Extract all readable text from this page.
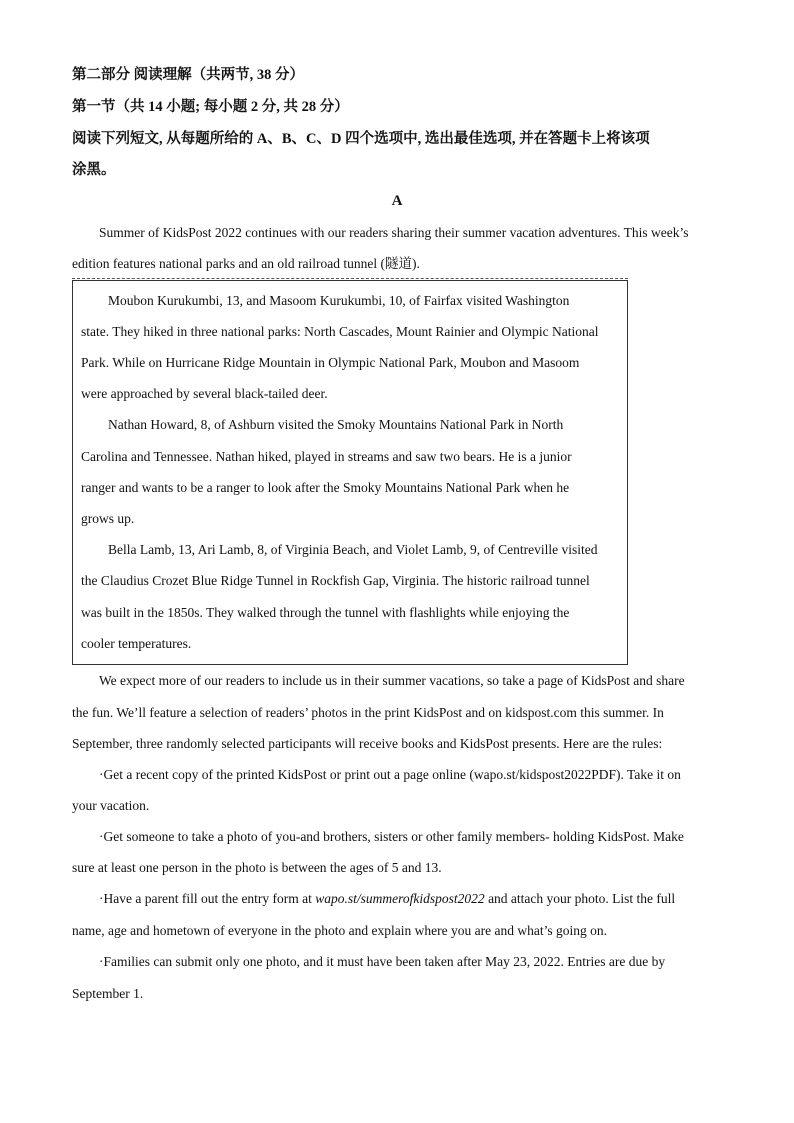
第二部分 阅读理解（共两节, 38 分）
第一节（共 14 小题; 每小题 2 分, 共 28 分）
阅读下列短文, 从每题所给的 A、B、C、D 四个选项中, 选出最佳选项, 并在答题卡上将该项
涂黑。
A
Summer of KidsPost 2022 continues with our readers sharing their summer vacation adventures. This week’s
edition features national parks and an old railroad tunnel (隧道).
Moubon Kurukumbi, 13, and Masoom Kurukumbi, 10, of Fairfax visited Washington
state. They hiked in three national parks: North Cascades, Mount Rainier and Olympic National
Park. While on Hurricane Ridge Mountain in Olympic National Park, Moubon and Masoom
were approached by several black-tailed deer.
Nathan Howard, 8, of Ashburn visited the Smoky Mountains National Park in North
Carolina and Tennessee. Nathan hiked, played in streams and saw two bears. He is a junior
ranger and wants to be a ranger to look after the Smoky Mountains National Park when he
grows up.
Bella Lamb, 13, Ari Lamb, 8, of Virginia Beach, and Violet Lamb, 9, of Centreville visited
the Claudius Crozet Blue Ridge Tunnel in Rockfish Gap, Virginia. The historic railroad tunnel
was built in the 1850s. They walked through the tunnel with flashlights while enjoying the
cooler temperatures.
We expect more of our readers to include us in their summer vacations, so take a page of KidsPost and share
the fun. We’ll feature a selection of readers’ photos in the print KidsPost and on kidspost.com this summer. In
September, three randomly selected participants will receive books and KidsPost presents. Here are the rules:
·Get a recent copy of the printed KidsPost or print out a page online (wapo.st/kidspost2022PDF). Take it on
your vacation.
·Get someone to take a photo of you-and brothers, sisters or other family members- holding KidsPost. Make
sure at least one person in the photo is between the ages of 5 and 13.
·Have a parent fill out the entry form at wapo.st/summerofkidspost2022 and attach your photo. List the full
name, age and hometown of everyone in the photo and explain where you are and what’s going on.
·Families can submit only one photo, and it must have been taken after May 23, 2022. Entries are due by
September 1.
